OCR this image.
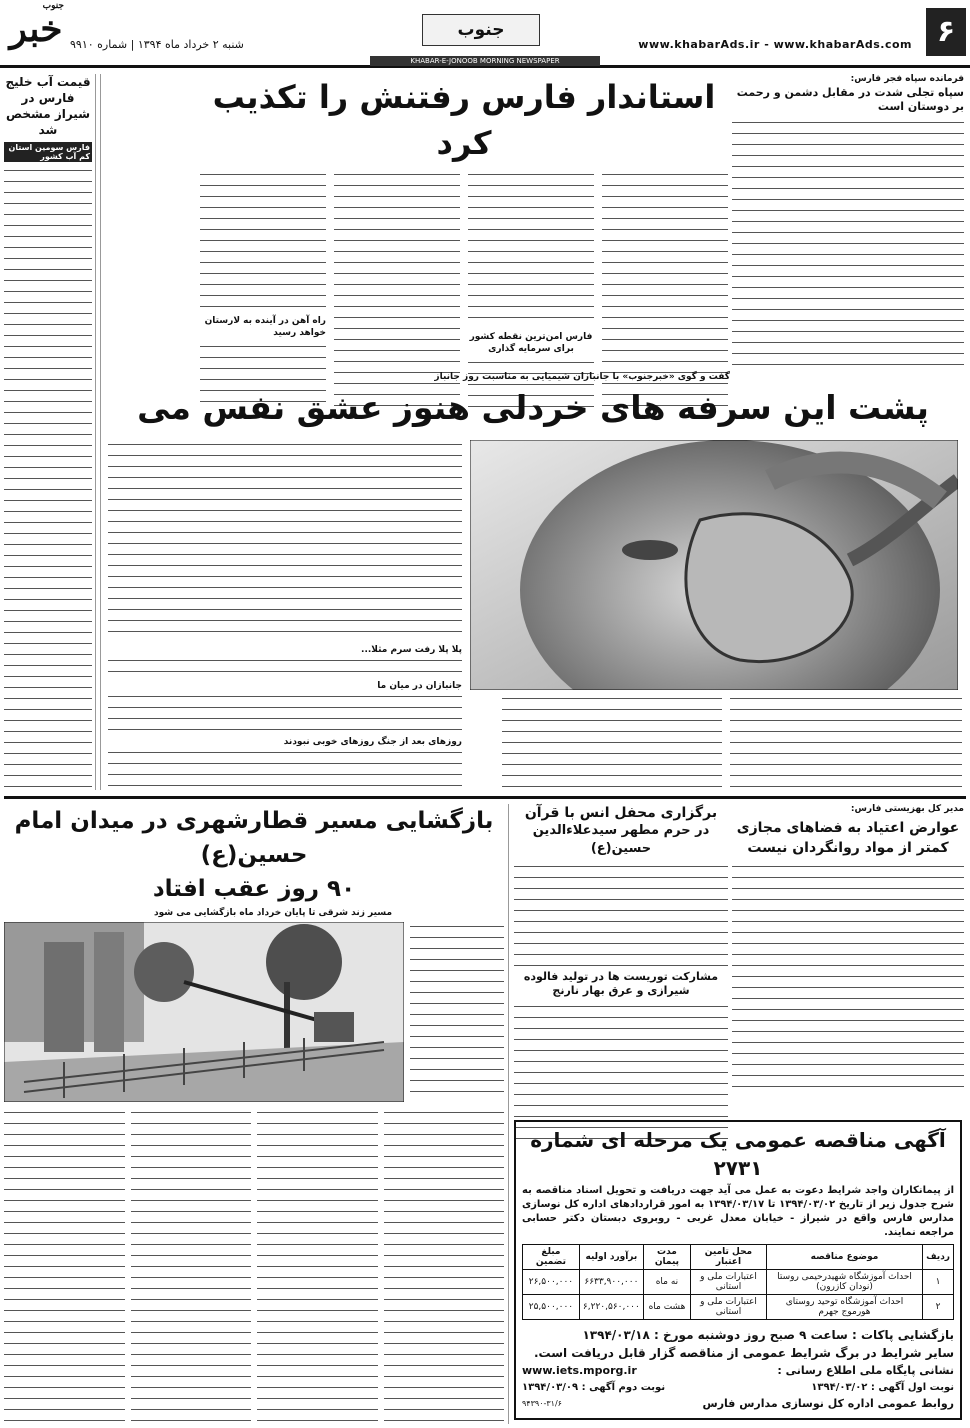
خبر
جنوب
شنبه ۲ خرداد ماه ۱۳۹۴ | شماره ۹۹۱۰
جنوب
www.khabarAds.ir - www.khabarAds.com ۶
KHABAR-E-JONOOB MORNING NEWSPAPER
فرمانده سپاه فجر فارس:
سپاه تجلی شدت در مقابل دشمن و رحمت بر دوستان است
استاندار فارس رفتنش را تکذیب کرد
فارس امن‌ترین نقطه کشور برای سرمایه گذاری
راه آهن در آینده به لارستان خواهد رسید
قیمت آب خلیج فارس در شیراز مشخص شد
فارس سومین استان کم آب کشور
گفت و گوی «خبرجنوب» با جانبازان شیمیایی به مناسبت روز جانباز
پشت این سرفه های خردلی هنوز عشق نفس می
پلا پلا رفت سرم مثلا...
جانبازان در میان ما
روزهای بعد از جنگ روزهای خوبی نبودند
بازگشایی مسیر قطارشهری در میدان امام حسین(ع)
۹۰ روز عقب افتاد
مسیر زند شرقی تا پایان خرداد ماه بازگشایی می شود
برگزاری محفل انس با قرآن
در حرم مطهر سیدعلاءالدین حسین(ع)
مشارکت توریست ها در تولید فالوده شیرازی و عرق بهار نارنج
مدیر کل بهزیستی فارس:
عوارض اعتیاد به فضاهای مجازی کمتر از مواد روانگردان نیست
آگهی مناقصه عمومی یک مرحله ای شماره ۲۷۳۱
از پیمانکاران واجد شرایط دعوت به عمل می آید جهت دریافت و تحویل اسناد مناقصه به شرح جدول زیر از تاریخ ۱۳۹۴/۰۳/۰۲ تا ۱۳۹۴/۰۳/۱۷ به امور قراردادهای اداره کل نوسازی مدارس فارس واقع در شیراز - خیابان معدل غربی - روبروی دبستان دکتر حسابی مراجعه نمایند.
ردیف	موضوع مناقصه	محل تامین اعتبار	مدت پیمان	برآورد اولیه	مبلغ تضمین
۱	احداث آموزشگاه شهیدرحیمی روستا (نودان کازرون)	اعتبارات ملی و استانی	نه ماه	۶۶۳۳,۹۰۰,۰۰۰	۲۶,۵۰۰,۰۰۰
۲	احداث آموزشگاه توحید روستای هورموج جهرم	اعتبارات ملی و استانی	هشت ماه	۶,۲۲۰,۵۶۰,۰۰۰	۲۵,۵۰۰,۰۰۰
بازگشایی پاکات : ساعت ۹ صبح روز دوشنبه مورخ : ۱۳۹۴/۰۳/۱۸
سایر شرایط در برگ شرایط عمومی از مناقصه گزار قابل دریافت است.
نشانی پایگاه ملی اطلاع رسانی :
www.iets.mporg.ir
نوبت اول آگهی : ۱۳۹۴/۰۳/۰۲
نوبت دوم آگهی : ۱۳۹۴/۰۳/۰۹
روابط عمومی اداره کل نوسازی مدارس فارس
۹۴۳۹۰-۳۱/۶
